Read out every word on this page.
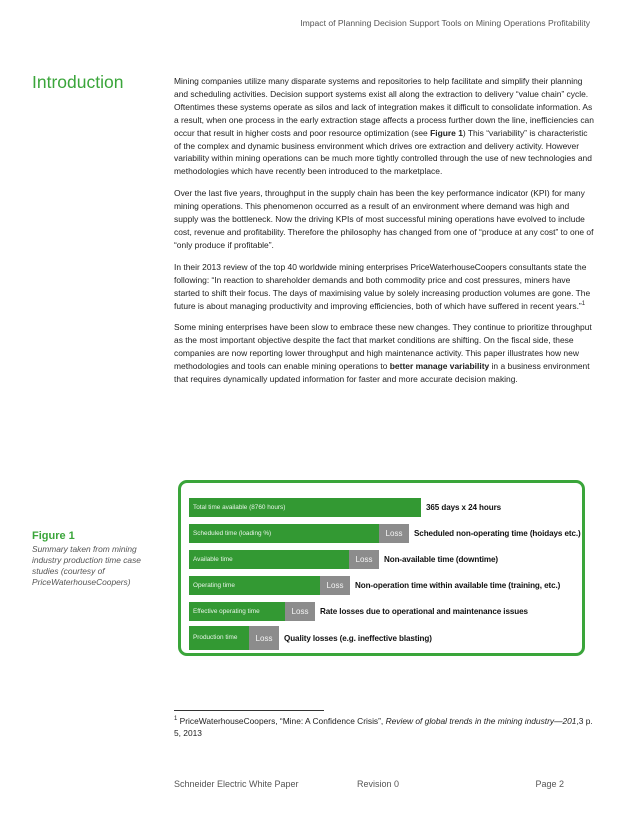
Impact of Planning Decision Support Tools on Mining Operations Profitability
Introduction	Mining companies utilize many disparate systems and repositories to help facilitate and simplify their planning and scheduling activities. Decision support systems exist all along the extraction to delivery “value chain” cycle. Oftentimes these systems operate as silos and lack of integration makes it difficult to consolidate information. As a result, when one process in the early extraction stage affects a process further down the line, inefficiencies can occur that result in higher costs and poor resource optimization (see Figure 1) This “variability” is characteristic of the complex and dynamic business environment which drives ore extraction and delivery activity. However variability within mining operations can be much more tightly controlled through the use of new technologies and methodologies which have recently been introduced to the marketplace.

Over the last five years, throughput in the supply chain has been the key performance indicator (KPI) for many mining operations. This phenomenon occurred as a result of an environment where demand was high and supply was the bottleneck. Now the driving KPIs of most successful mining operations have evolved to include cost, revenue and profitability. Therefore the philosophy has changed from one of “produce at any cost” to one of “only produce if profitable”.

In their 2013 review of the top 40 worldwide mining enterprises PriceWaterhouseCoopers consultants state the following: “In reaction to shareholder demands and both commodity price and cost pressures, miners have started to shift their focus. The days of maximising value by solely increasing production volumes are gone. The future is about managing productivity and improving efficiencies, both of which have suffered in recent years.”$^1$

Some mining enterprises have been slow to embrace these new changes. They continue to prioritize throughput as the most important objective despite the fact that market conditions are shifting. On the fiscal side, these companies are now reporting lower throughput and high maintenance activity. This paper illustrates how new methodologies and tools can enable mining operations to better manage variability in a business environment that requires dynamically updated information for faster and more accurate decision making.

Figure 1
Summary taken from mining industry production time case studies (courtesy of PriceWaterhouseCoopers)
Total time available (8760 hours)	365 days x 24 hours
Scheduled time (loading %)	Loss	Scheduled non-operating time (hoidays etc.)
Available time	Loss	Non-available time (downtime)
Operating time	Loss	Non-operation time within available time (training, etc.)
Effective operating time	Loss	Rate losses due to operational and maintenance issues
Production time	Loss	Quality losses (e.g. ineffective blasting)
$^1$ PriceWaterhouseCoopers, “Mine: A Confidence Crisis”, Review of global trends in the mining industry—201,3 p. 5, 2013
Schneider Electric White Paper	Revision 0	Page 2
